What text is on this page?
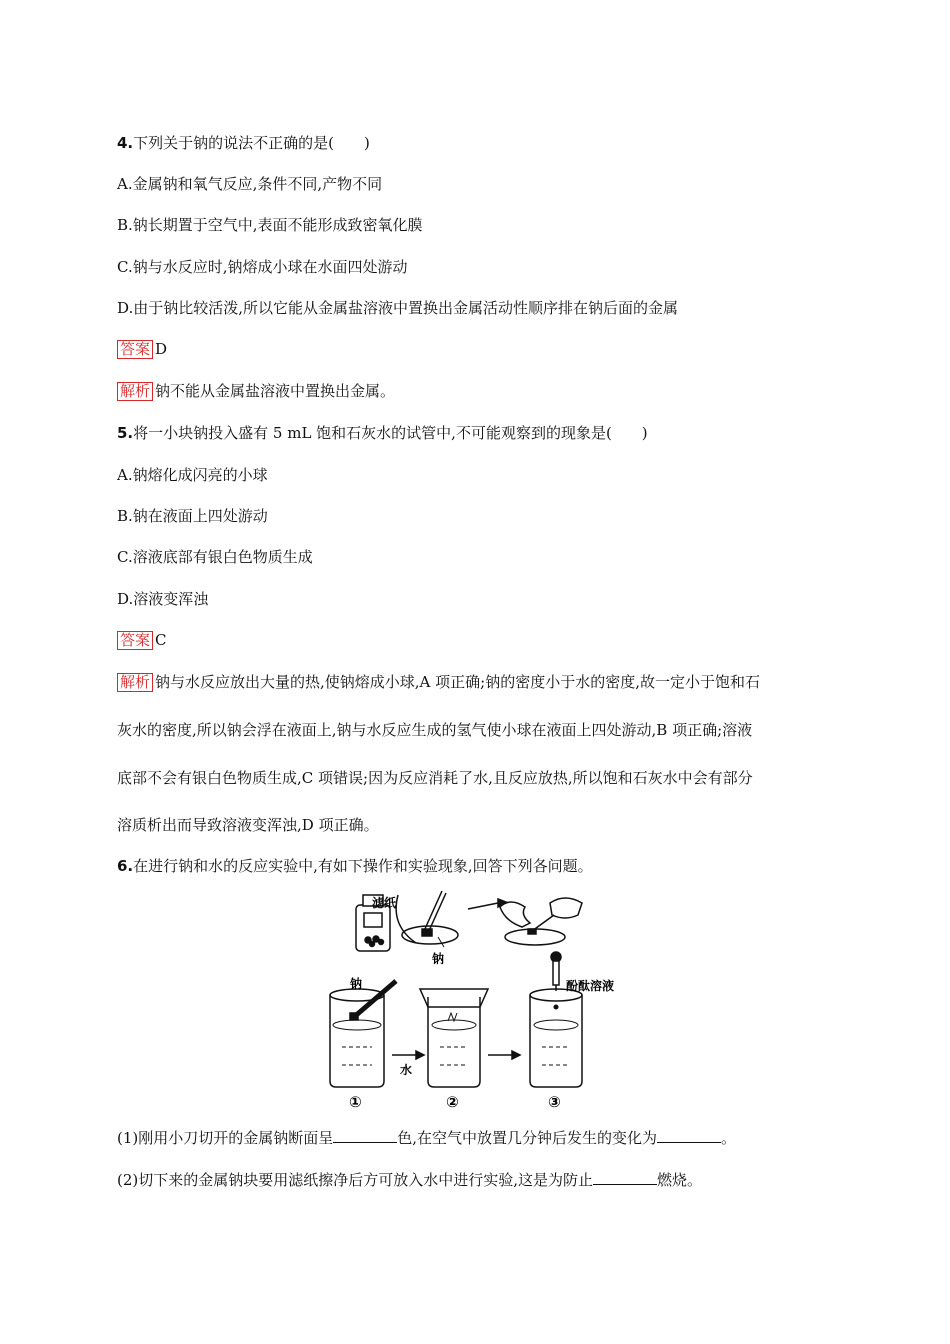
4.下列关于钠的说法不正确的是(　　)
A.金属钠和氧气反应,条件不同,产物不同
B.钠长期置于空气中,表面不能形成致密氧化膜
C.钠与水反应时,钠熔成小球在水面四处游动
D.由于钠比较活泼,所以它能从金属盐溶液中置换出金属活动性顺序排在钠后面的金属
答案 D
解析 钠不能从金属盐溶液中置换出金属。
5.将一小块钠投入盛有 5 mL 饱和石灰水的试管中,不可能观察到的现象是(　　)
A.钠熔化成闪亮的小球
B.钠在液面上四处游动
C.溶液底部有银白色物质生成
D.溶液变浑浊
答案 C
解析 钠与水反应放出大量的热,使钠熔成小球,A 项正确;钠的密度小于水的密度,故一定小于饱和石
灰水的密度,所以钠会浮在液面上,钠与水反应生成的氢气使小球在液面上四处游动,B 项正确;溶液
底部不会有银白色物质生成,C 项错误;因为反应消耗了水,且反应放热,所以饱和石灰水中会有部分
溶质析出而导致溶液变浑浊,D 项正确。
6.在进行钠和水的反应实验中,有如下操作和实验现象,回答下列各问题。
滤纸
钠
钠	酚酞溶液
水
①	②	③
(1)刚用小刀切开的金属钠断面呈	色,在空气中放置几分钟后发生的变化为	。
(2)切下来的金属钠块要用滤纸擦净后方可放入水中进行实验,这是为防止	燃烧。
